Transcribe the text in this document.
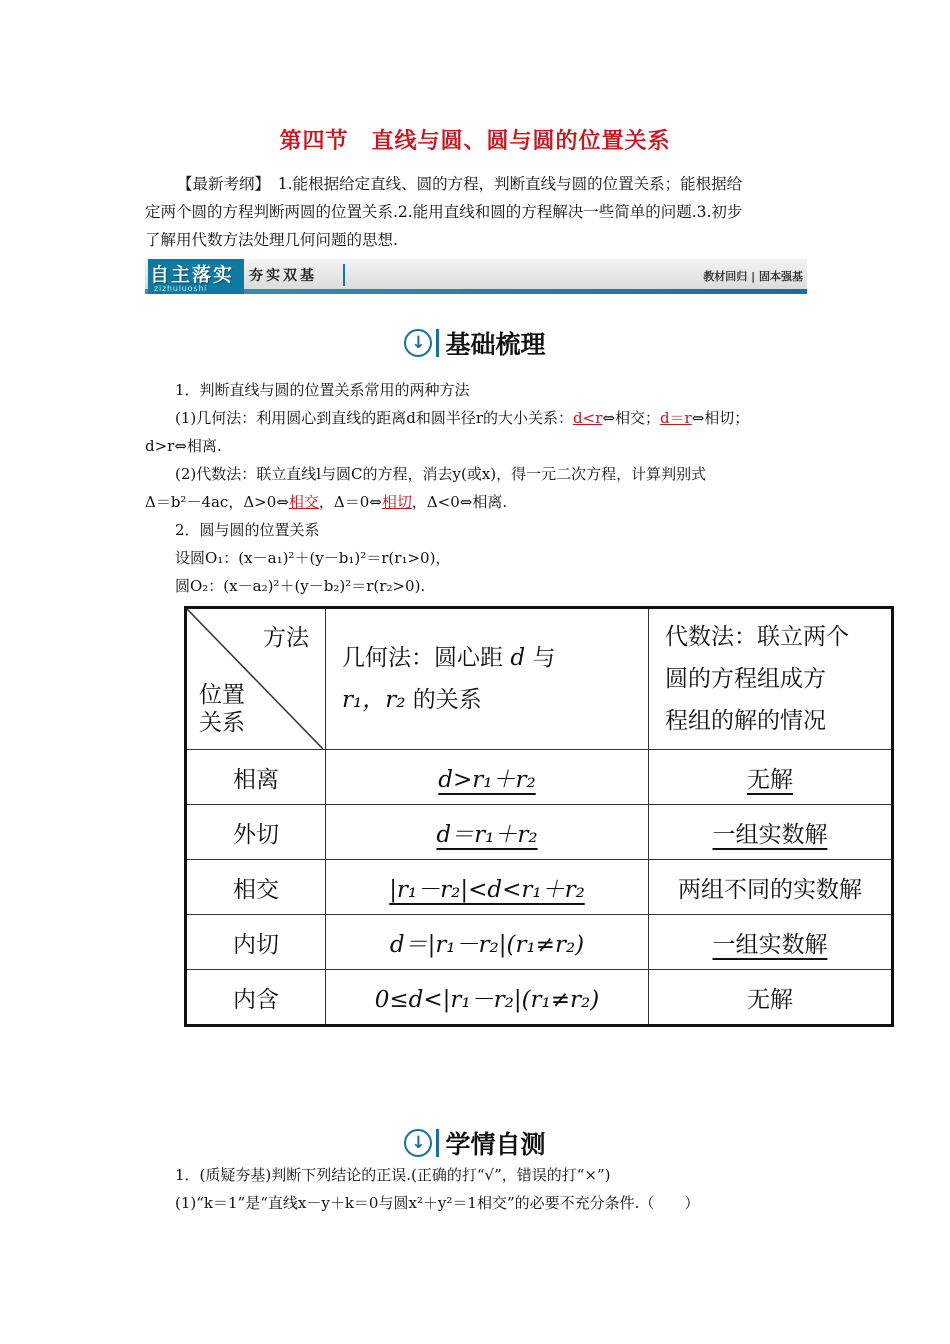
第四节　直线与圆、圆与圆的位置关系
【最新考纲】　 1.能根据给定直线、圆的方程，判断直线与圆的位置关系；能根据给
定两个圆的方程判断两圆的位置关系.2.能用直线和圆的方程解决一些简单的问题.3.初步
了解用代数方法处理几何问题的思想.
自主落实
zizhuluoshi
夯实双基	教材回归 | 固本强基
↓ 基础梳理

1．判断直线与圆的位置关系常用的两种方法

(1)几何法：利用圆心到直线的距离d和圆半径r的大小关系：d<r⇔相交；d＝r⇔相切；

d>r⇔相离.

(2)代数法：联立直线l与圆C的方程，消去y(或x)，得一元二次方程，计算判别式

Δ＝b²－4ac，Δ>0⇔相交，Δ＝0⇔相切，Δ<0⇔相离.

2．圆与圆的位置关系

设圆O₁：(x－a₁)²＋(y－b₁)²＝r(r₁>0)，

圆O₂：(x－a₂)²＋(y－b₂)²＝r(r₂>0).

方法
位置
关系	几何法：圆心距 d 与
r₁，r₂ 的关系	代数法：联立两个
圆的方程组成方
程组的解的情况
相离	d>r₁＋r₂	无解
外切	d＝r₁＋r₂	一组实数解
相交	|r₁－r₂|<d<r₁＋r₂	两组不同的实数解
内切	d＝|r₁－r₂|(r₁≠r₂)	一组实数解
内含	0≤d<|r₁－r₂|(r₁≠r₂)	无解
↓ 学情自测

1．(质疑夯基)判断下列结论的正误.(正确的打“√”，错误的打“×”)

(1)“k＝1”是“直线x－y＋k＝0与圆x²＋y²＝1相交”的必要不充分条件.（　　）
